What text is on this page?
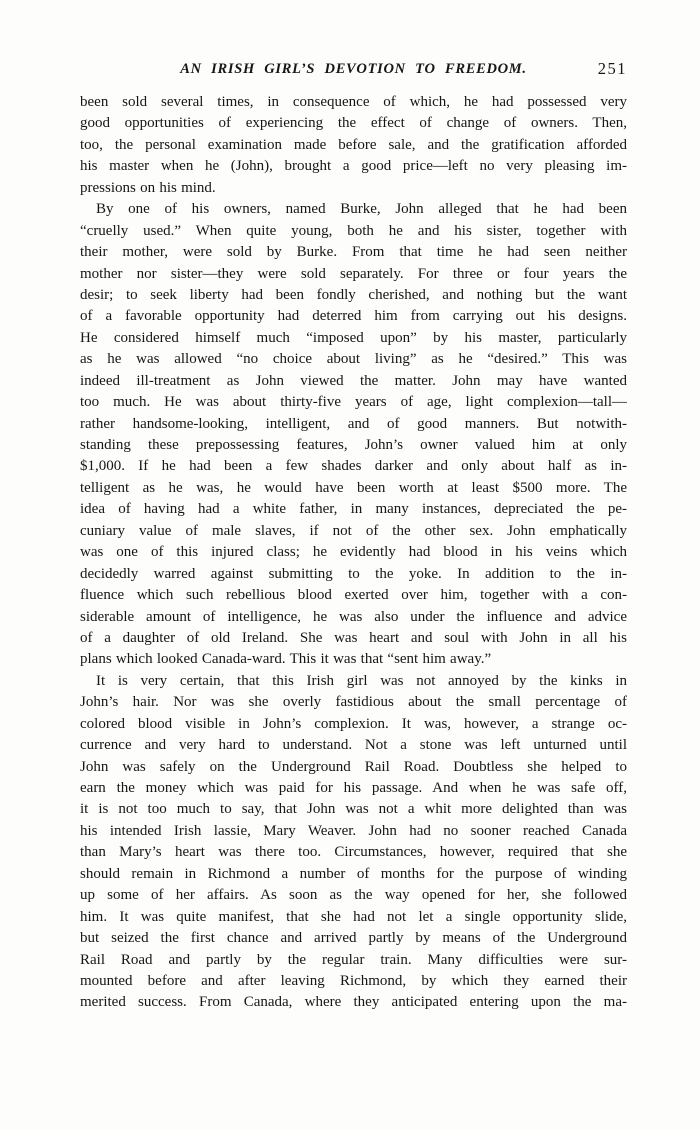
AN IRISH GIRL’S DEVOTION TO FREEDOM.	251

been sold several times, in consequence of which, he had possessed very
good opportunities of experiencing the effect of change of owners. Then,
too, the personal examination made before sale, and the gratification afforded
his master when he (John), brought a good price—left no very pleasing im-
pressions on his mind.

By one of his owners, named Burke, John alleged that he had been
“cruelly used.” When quite young, both he and his sister, together with
their mother, were sold by Burke. From that time he had seen neither
mother nor sister—they were sold separately. For three or four years the
desir; to seek liberty had been fondly cherished, and nothing but the want
of a favorable opportunity had deterred him from carrying out his designs.
He considered himself much “imposed upon” by his master, particularly
as he was allowed “no choice about living” as he “desired.” This was
indeed ill-treatment as John viewed the matter. John may have wanted
too much. He was about thirty-five years of age, light complexion—tall—
rather handsome-looking, intelligent, and of good manners. But notwith-
standing these prepossessing features, John’s owner valued him at only
$1,000. If he had been a few shades darker and only about half as in-
telligent as he was, he would have been worth at least $500 more. The
idea of having had a white father, in many instances, depreciated the pe-
cuniary value of male slaves, if not of the other sex. John emphatically
was one of this injured class; he evidently had blood in his veins which
decidedly warred against submitting to the yoke. In addition to the in-
fluence which such rebellious blood exerted over him, together with a con-
siderable amount of intelligence, he was also under the influence and advice
of a daughter of old Ireland. She was heart and soul with John in all his
plans which looked Canada-ward. This it was that “sent him away.”

It is very certain, that this Irish girl was not annoyed by the kinks in
John’s hair. Nor was she overly fastidious about the small percentage of
colored blood visible in John’s complexion. It was, however, a strange oc-
currence and very hard to understand. Not a stone was left unturned until
John was safely on the Underground Rail Road. Doubtless she helped to
earn the money which was paid for his passage. And when he was safe off,
it is not too much to say, that John was not a whit more delighted than was
his intended Irish lassie, Mary Weaver. John had no sooner reached Canada
than Mary’s heart was there too. Circumstances, however, required that she
should remain in Richmond a number of months for the purpose of winding
up some of her affairs. As soon as the way opened for her, she followed
him. It was quite manifest, that she had not let a single opportunity slide,
but seized the first chance and arrived partly by means of the Underground
Rail Road and partly by the regular train. Many difficulties were sur-
mounted before and after leaving Richmond, by which they earned their
merited success. From Canada, where they anticipated entering upon the ma-
